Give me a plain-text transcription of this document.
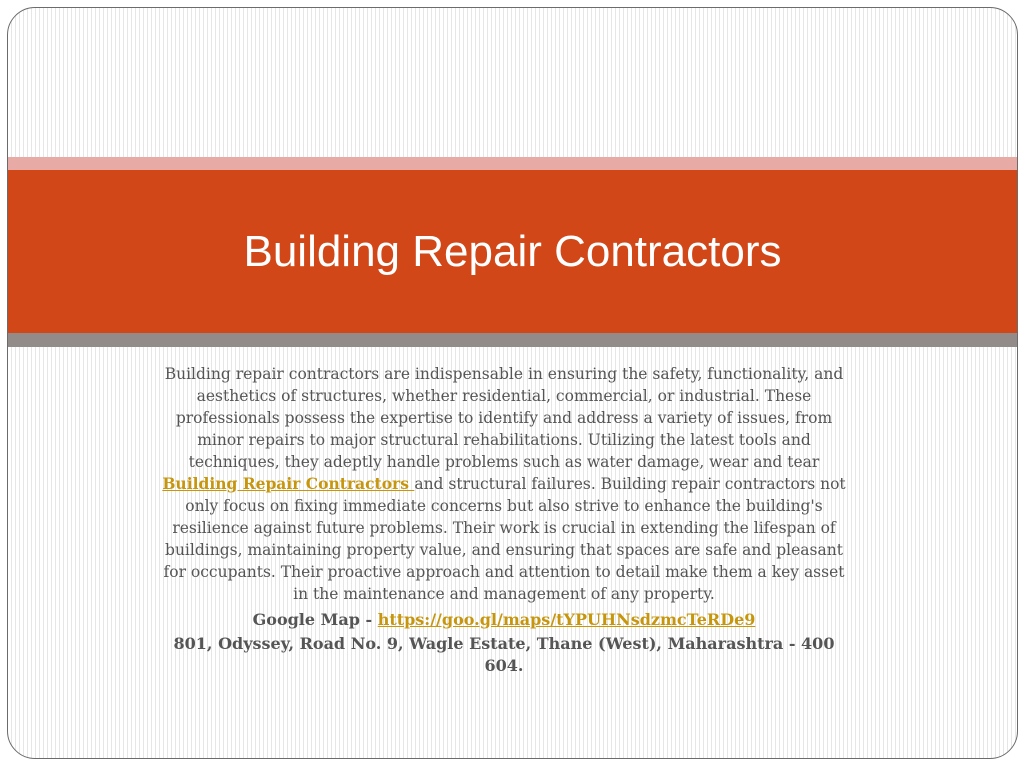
Building Repair Contractors

Building repair contractors are indispensable in ensuring the safety, functionality, and aesthetics of structures, whether residential, commercial, or industrial. These professionals possess the expertise to identify and address a variety of issues, from minor repairs to major structural rehabilitations. Utilizing the latest tools and techniques, they adeptly handle problems such as water damage, wear and tear Building Repair Contractors and structural failures. Building repair contractors not only focus on fixing immediate concerns but also strive to enhance the building's resilience against future problems. Their work is crucial in extending the lifespan of buildings, maintaining property value, and ensuring that spaces are safe and pleasant for occupants. Their proactive approach and attention to detail make them a key asset in the maintenance and management of any property.

Google Map - https://goo.gl/maps/tYPUHNsdzmcTeRDe9

801, Odyssey, Road No. 9, Wagle Estate, Thane (West), Maharashtra - 400 604.
